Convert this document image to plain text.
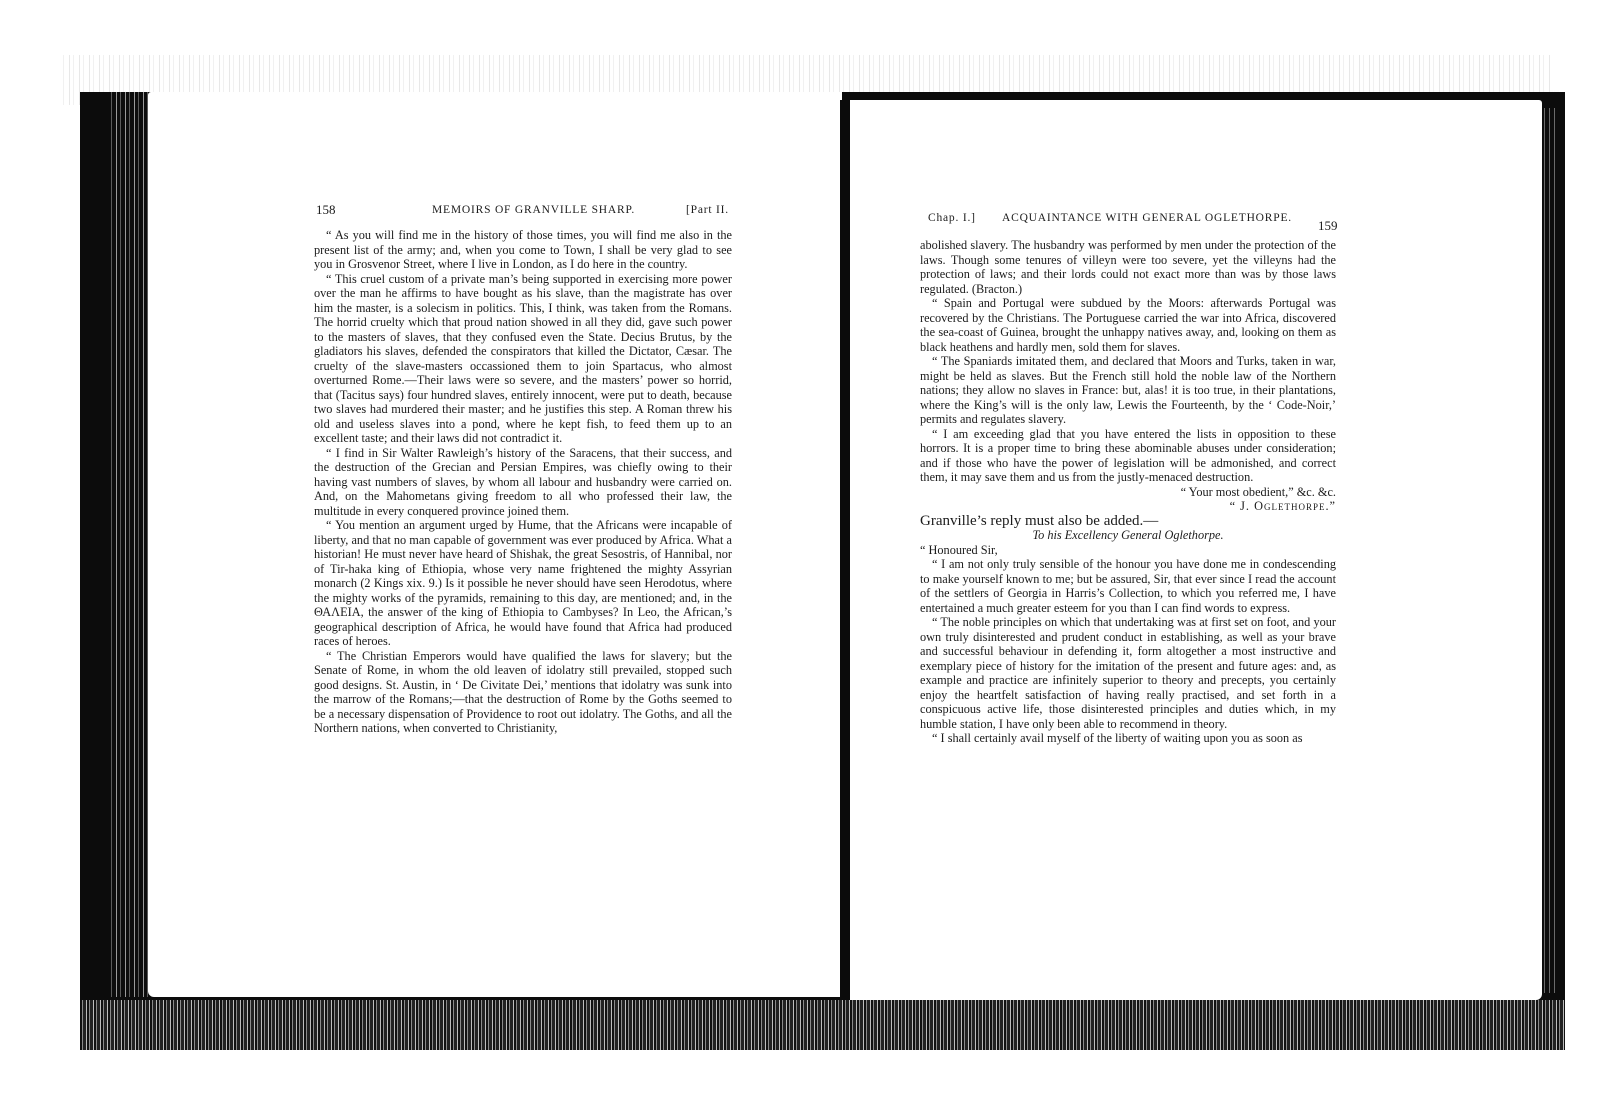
158	MEMOIRS OF GRANVILLE SHARP.	[Part II.

“ As you will find me in the history of those times, you will find me also in the present list of the army; and, when you come to Town, I shall be very glad to see you in Grosvenor Street, where I live in London, as I do here in the country.

“ This cruel custom of a private man’s being supported in exercising more power over the man he affirms to have bought as his slave, than the magistrate has over him the master, is a solecism in politics. This, I think, was taken from the Romans. The horrid cruelty which that proud nation showed in all they did, gave such power to the masters of slaves, that they confused even the State. Decius Brutus, by the gladiators his slaves, defended the conspirators that killed the Dictator, Cæsar. The cruelty of the slave-masters occassioned them to join Spartacus, who almost overturned Rome.—Their laws were so severe, and the masters’ power so horrid, that (Tacitus says) four hundred slaves, entirely innocent, were put to death, because two slaves had murdered their master; and he justifies this step. A Roman threw his old and useless slaves into a pond, where he kept fish, to feed them up to an excellent taste; and their laws did not contradict it.

“ I find in Sir Walter Rawleigh’s history of the Saracens, that their success, and the destruction of the Grecian and Persian Empires, was chiefly owing to their having vast numbers of slaves, by whom all labour and husbandry were carried on. And, on the Mahometans giving freedom to all who professed their law, the multitude in every conquered province joined them.

“ You mention an argument urged by Hume, that the Africans were incapable of liberty, and that no man capable of government was ever produced by Africa. What a historian! He must never have heard of Shishak, the great Sesostris, of Hannibal, nor of Tir-haka king of Ethiopia, whose very name frightened the mighty Assyrian monarch (2 Kings xix. 9.) Is it possible he never should have seen Herodotus, where the mighty works of the pyramids, remaining to this day, are mentioned; and, in the ΘΑΛΕΙΑ, the answer of the king of Ethiopia to Cambyses? In Leo, the African,’s geographical description of Africa, he would have found that Africa had produced races of heroes.

“ The Christian Emperors would have qualified the laws for slavery; but the Senate of Rome, in whom the old leaven of idolatry still prevailed, stopped such good designs. St. Austin, in ‘ De Civitate Dei,’ mentions that idolatry was sunk into the marrow of the Romans;—that the destruction of Rome by the Goths seemed to be a necessary dispensation of Providence to root out idolatry. The Goths, and all the Northern nations, when converted to Christianity,

Chap. I.] ACQUAINTANCE WITH GENERAL OGLETHORPE. 159

abolished slavery. The husbandry was performed by men under the protection of the laws. Though some tenures of villeyn were too severe, yet the villeyns had the protection of laws; and their lords could not exact more than was by those laws regulated. (Bracton.)

“ Spain and Portugal were subdued by the Moors: afterwards Portugal was recovered by the Christians. The Portuguese carried the war into Africa, discovered the sea-coast of Guinea, brought the unhappy natives away, and, looking on them as black heathens and hardly men, sold them for slaves.

“ The Spaniards imitated them, and declared that Moors and Turks, taken in war, might be held as slaves. But the French still hold the noble law of the Northern nations; they allow no slaves in France: but, alas! it is too true, in their plantations, where the King’s will is the only law, Lewis the Fourteenth, by the ‘ Code-Noir,’ permits and regulates slavery.

“ I am exceeding glad that you have entered the lists in opposition to these horrors. It is a proper time to bring these abominable abuses under consideration; and if those who have the power of legislation will be admonished, and correct them, it may save them and us from the justly-menaced destruction.

“ Your most obedient,” &c. &c.

“ J. Oglethorpe.”

Granville’s reply must also be added.—

To his Excellency General Oglethorpe.

“ Honoured Sir,

“ I am not only truly sensible of the honour you have done me in condescending to make yourself known to me; but be assured, Sir, that ever since I read the account of the settlers of Georgia in Harris’s Collection, to which you referred me, I have entertained a much greater esteem for you than I can find words to express.

“ The noble principles on which that undertaking was at first set on foot, and your own truly disinterested and prudent conduct in establishing, as well as your brave and successful behaviour in defending it, form altogether a most instructive and exemplary piece of history for the imitation of the present and future ages: and, as example and practice are infinitely superior to theory and precepts, you certainly enjoy the heartfelt satisfaction of having really practised, and set forth in a conspicuous active life, those disinterested principles and duties which, in my humble station, I have only been able to recommend in theory.

“ I shall certainly avail myself of the liberty of waiting upon you as soon as
